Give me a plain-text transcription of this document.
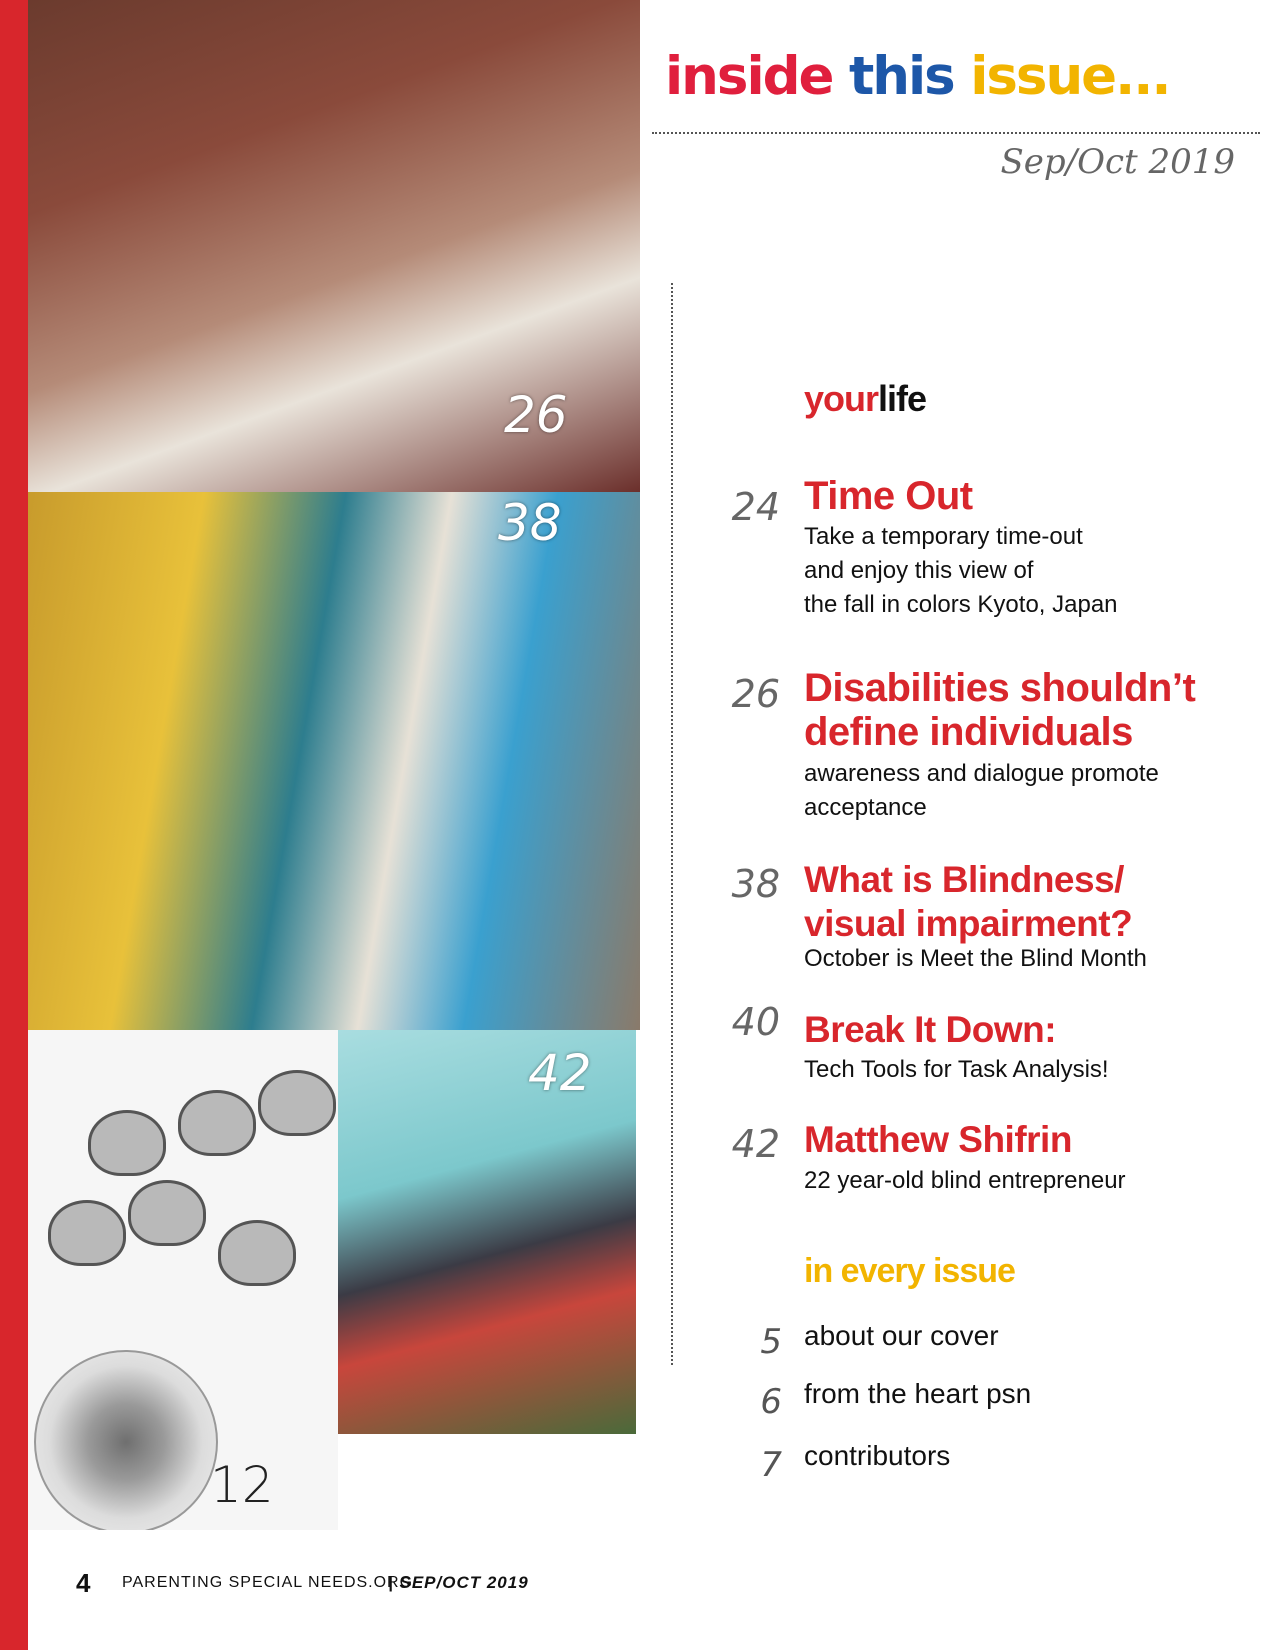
26
38
12
42
inside this issue...
Sep/Oct 2019
yourlife
24 Time Out
Take a temporary time-out
and enjoy this view of
the fall in colors Kyoto, Japan
26 Disabilities shouldn’t
define individuals
awareness and dialogue promote
acceptance
38 What is Blindness/
visual impairment?
October is Meet the Blind Month
40 Break It Down:
Tech Tools for Task Analysis!
42 Matthew Shifrin
22 year-old blind entrepreneur
in every issue
5 about our cover
6 from the heart psn
7 contributors
4 PARENTING SPECIAL NEEDS.ORG
| SEP/OCT 2019
